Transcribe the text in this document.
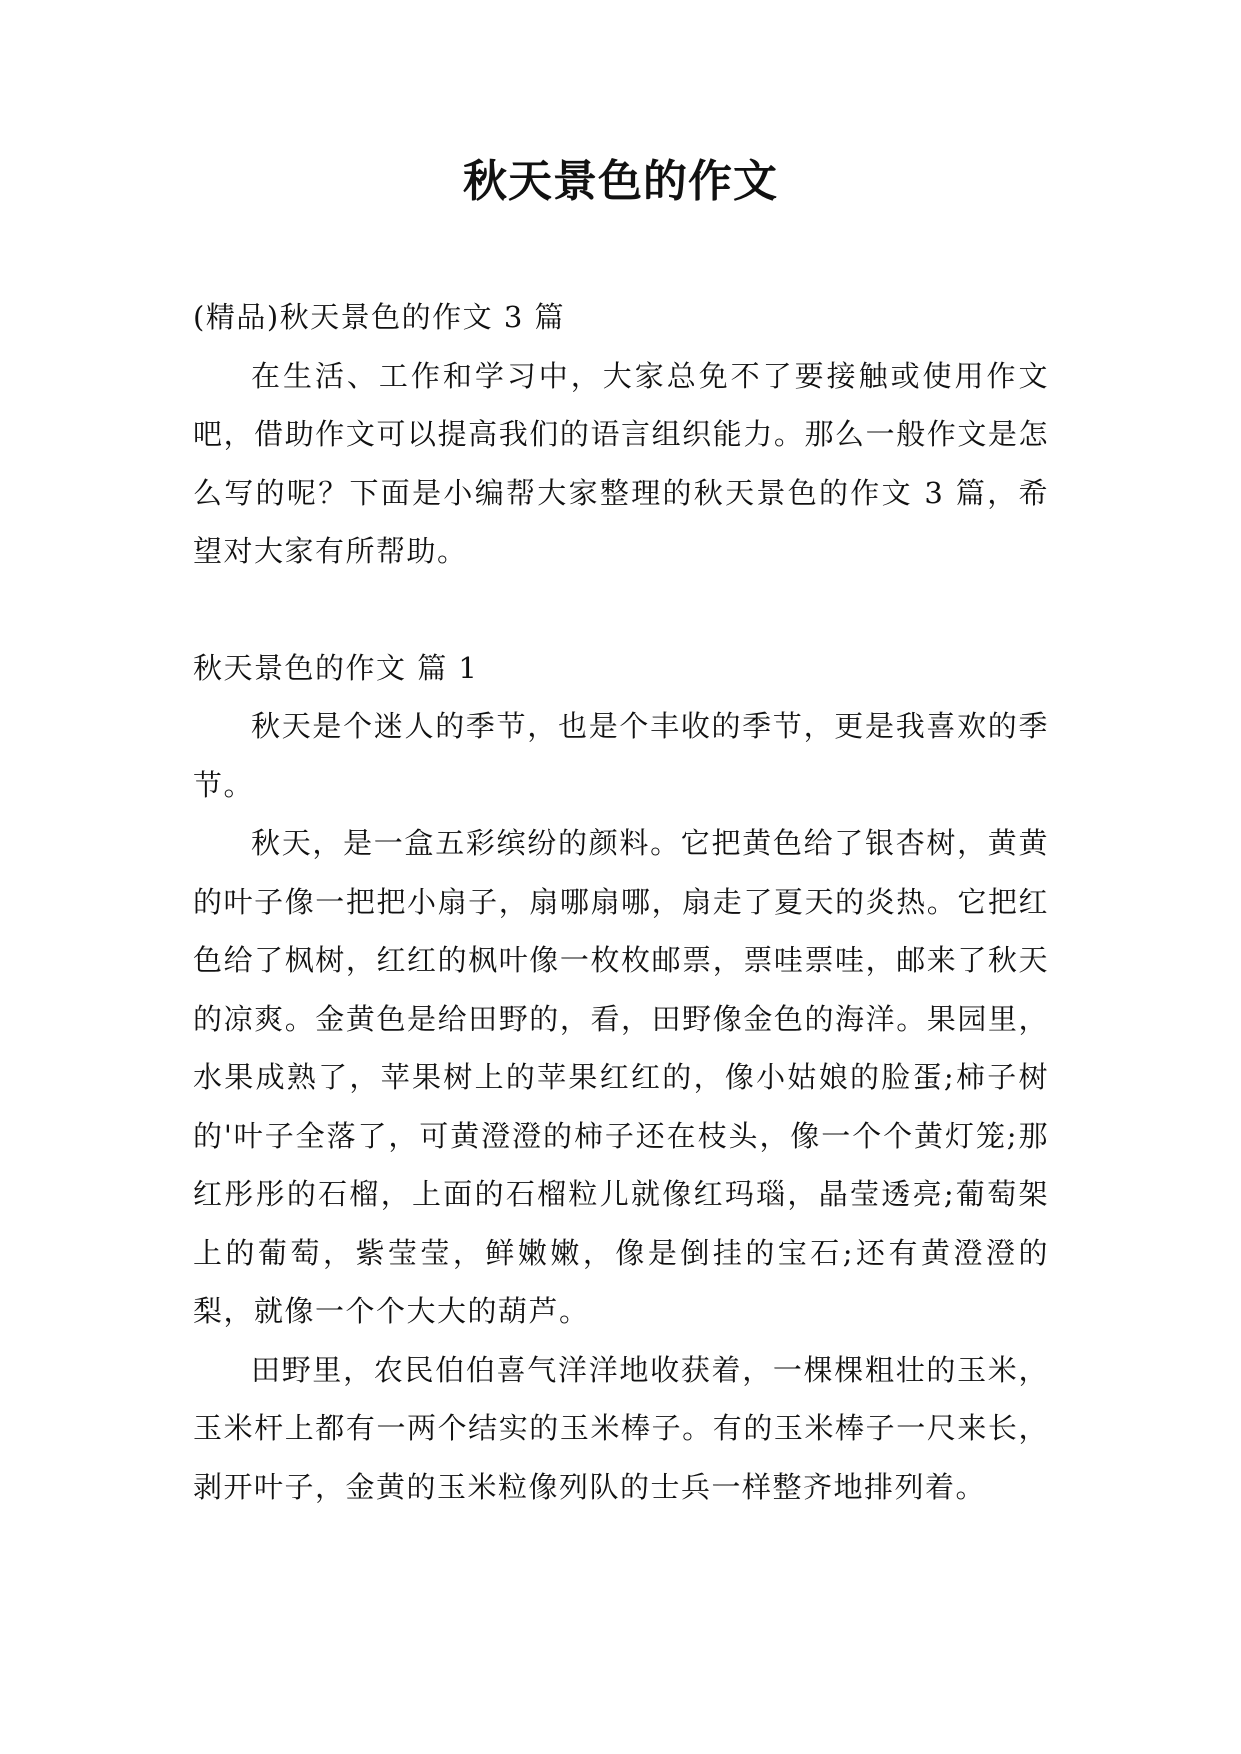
秋天景色的作文

(精品)秋天景色的作文 3 篇

在生活、工作和学习中，大家总免不了要接触或使用作文吧，借助作文可以提高我们的语言组织能力。那么一般作文是怎么写的呢？下面是小编帮大家整理的秋天景色的作文 3 篇，希望对大家有所帮助。

秋天景色的作文 篇 1

秋天是个迷人的季节，也是个丰收的季节，更是我喜欢的季节。

秋天，是一盒五彩缤纷的颜料。它把黄色给了银杏树，黄黄的叶子像一把把小扇子，扇哪扇哪，扇走了夏天的炎热。它把红色给了枫树，红红的枫叶像一枚枚邮票，票哇票哇，邮来了秋天的凉爽。金黄色是给田野的，看，田野像金色的海洋。果园里，水果成熟了，苹果树上的苹果红红的，像小姑娘的脸蛋;柿子树的'叶子全落了，可黄澄澄的柿子还在枝头，像一个个黄灯笼;那红彤彤的石榴，上面的石榴粒儿就像红玛瑙，晶莹透亮;葡萄架上的葡萄，紫莹莹，鲜嫩嫩，像是倒挂的宝石;还有黄澄澄的梨，就像一个个大大的葫芦。

田野里，农民伯伯喜气洋洋地收获着，一棵棵粗壮的玉米，玉米杆上都有一两个结实的玉米棒子。有的玉米棒子一尺来长，剥开叶子，金黄的玉米粒像列队的士兵一样整齐地排列着。
